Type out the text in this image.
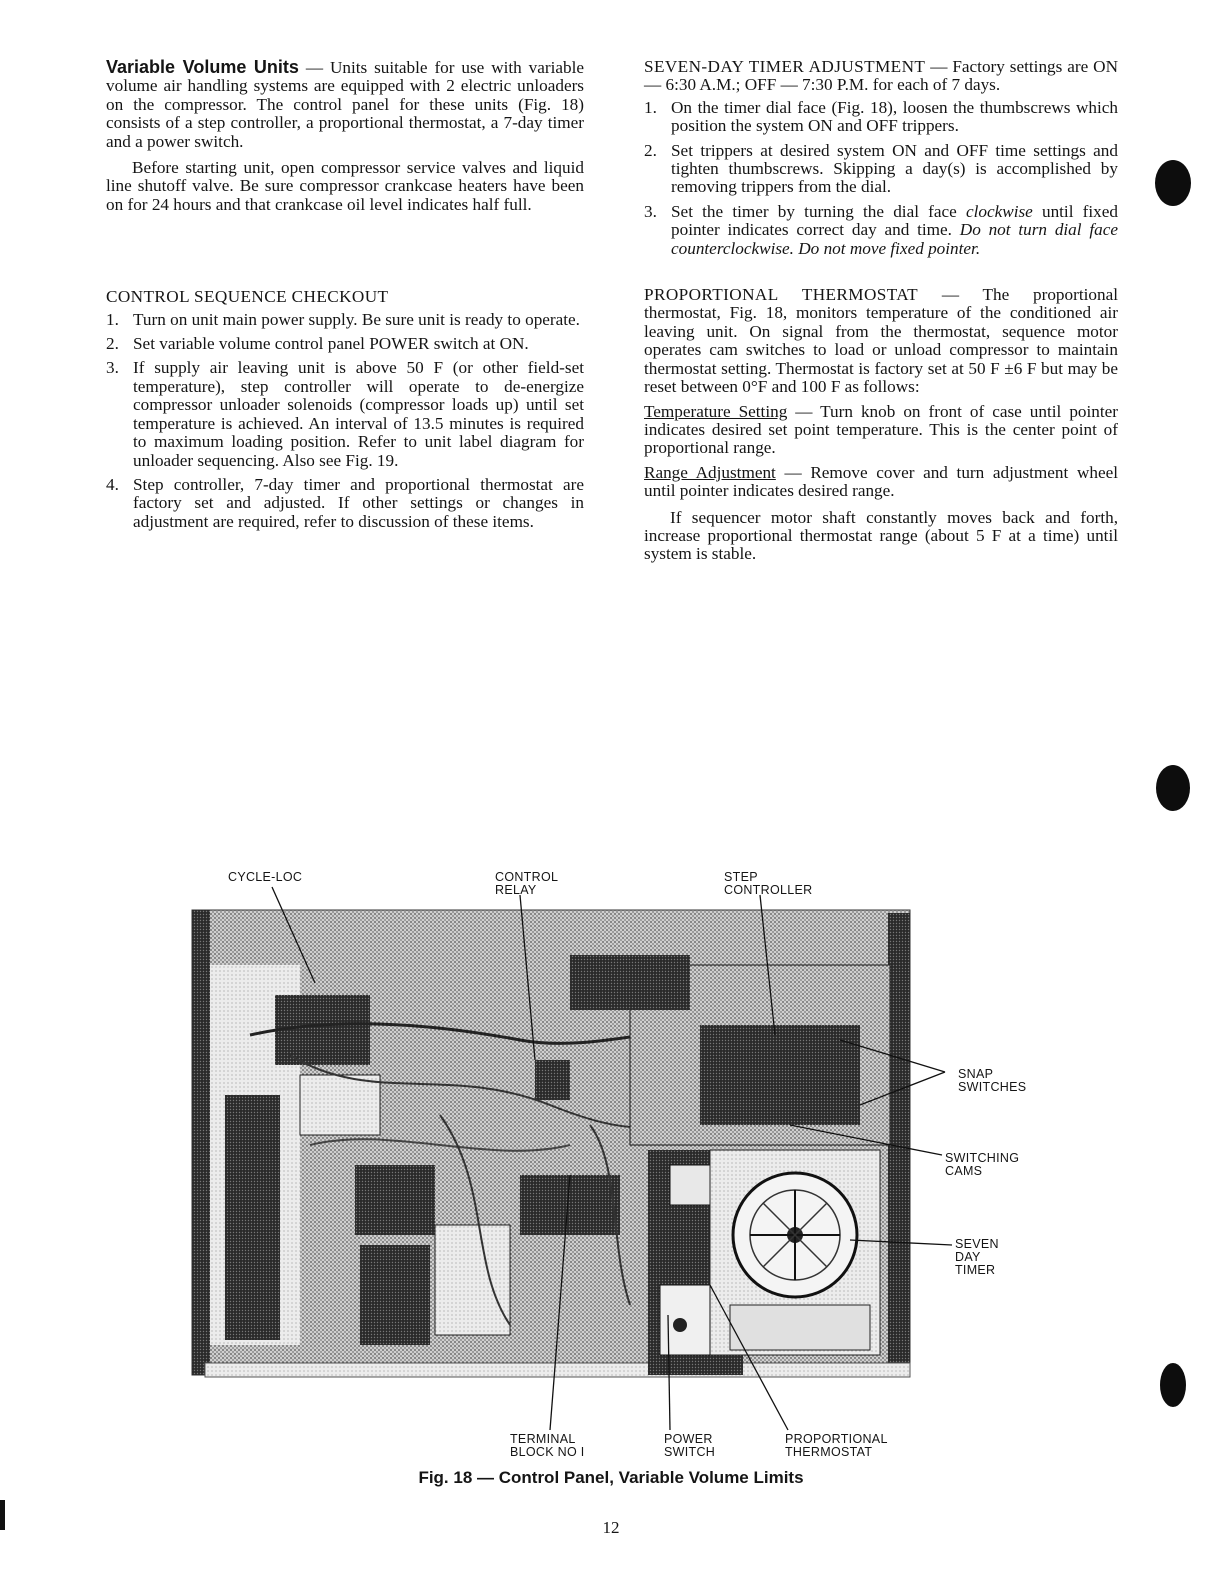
Variable Volume Units — Units suitable for use with variable volume air handling systems are equipped with 2 electric unloaders on the compressor. The control panel for these units (Fig. 18) consists of a step controller, a proportional thermostat, a 7-day timer and a power switch.

Before starting unit, open compressor service valves and liquid line shutoff valve. Be sure compressor crankcase heaters have been on for 24 hours and that crankcase oil level indicates half full.

CONTROL SEQUENCE CHECKOUT
1. Turn on unit main power supply. Be sure unit is ready to operate.
2. Set variable volume control panel POWER switch at ON.
3. If supply air leaving unit is above 50 F (or other field-set temperature), step controller will operate to de-energize compressor unloader solenoids (compressor loads up) until set temperature is achieved. An interval of 13.5 minutes is required to maximum loading position. Refer to unit label diagram for unloader sequencing. Also see Fig. 19.
4. Step controller, 7-day timer and proportional thermostat are factory set and adjusted. If other settings or changes in adjustment are required, refer to discussion of these items.

SEVEN-DAY TIMER ADJUSTMENT — Factory settings are ON — 6:30 A.M.; OFF — 7:30 P.M. for each of 7 days.

1. On the timer dial face (Fig. 18), loosen the thumbscrews which position the system ON and OFF trippers.
2. Set trippers at desired system ON and OFF time settings and tighten thumbscrews. Skipping a day(s) is accomplished by removing trippers from the dial.
3. Set the timer by turning the dial face clockwise until fixed pointer indicates correct day and time. Do not turn dial face counterclockwise. Do not move fixed pointer.

PROPORTIONAL THERMOSTAT — The proportional thermostat, Fig. 18, monitors temperature of the conditioned air leaving unit. On signal from the thermostat, sequence motor operates cam switches to load or unload compressor to maintain thermostat setting. Thermostat is factory set at 50 F ±6 F but may be reset between 0°F and 100 F as follows:

Temperature Setting — Turn knob on front of case until pointer indicates desired set point temperature. This is the center point of proportional range.

Range Adjustment — Remove cover and turn adjustment wheel until pointer indicates desired range.

If sequencer motor shaft constantly moves back and forth, increase proportional thermostat range (about 5 F at a time) until system is stable.

CYCLE-LOC	CONTROL
RELAY
STEP
CONTROLLER
SNAP
SWITCHES
SWITCHING
CAMS
SEVEN
DAY
TIMER
TERMINAL
BLOCK NO I
POWER
SWITCH
PROPORTIONAL
THERMOSTAT
Fig. 18 — Control Panel, Variable Volume Limits
12
